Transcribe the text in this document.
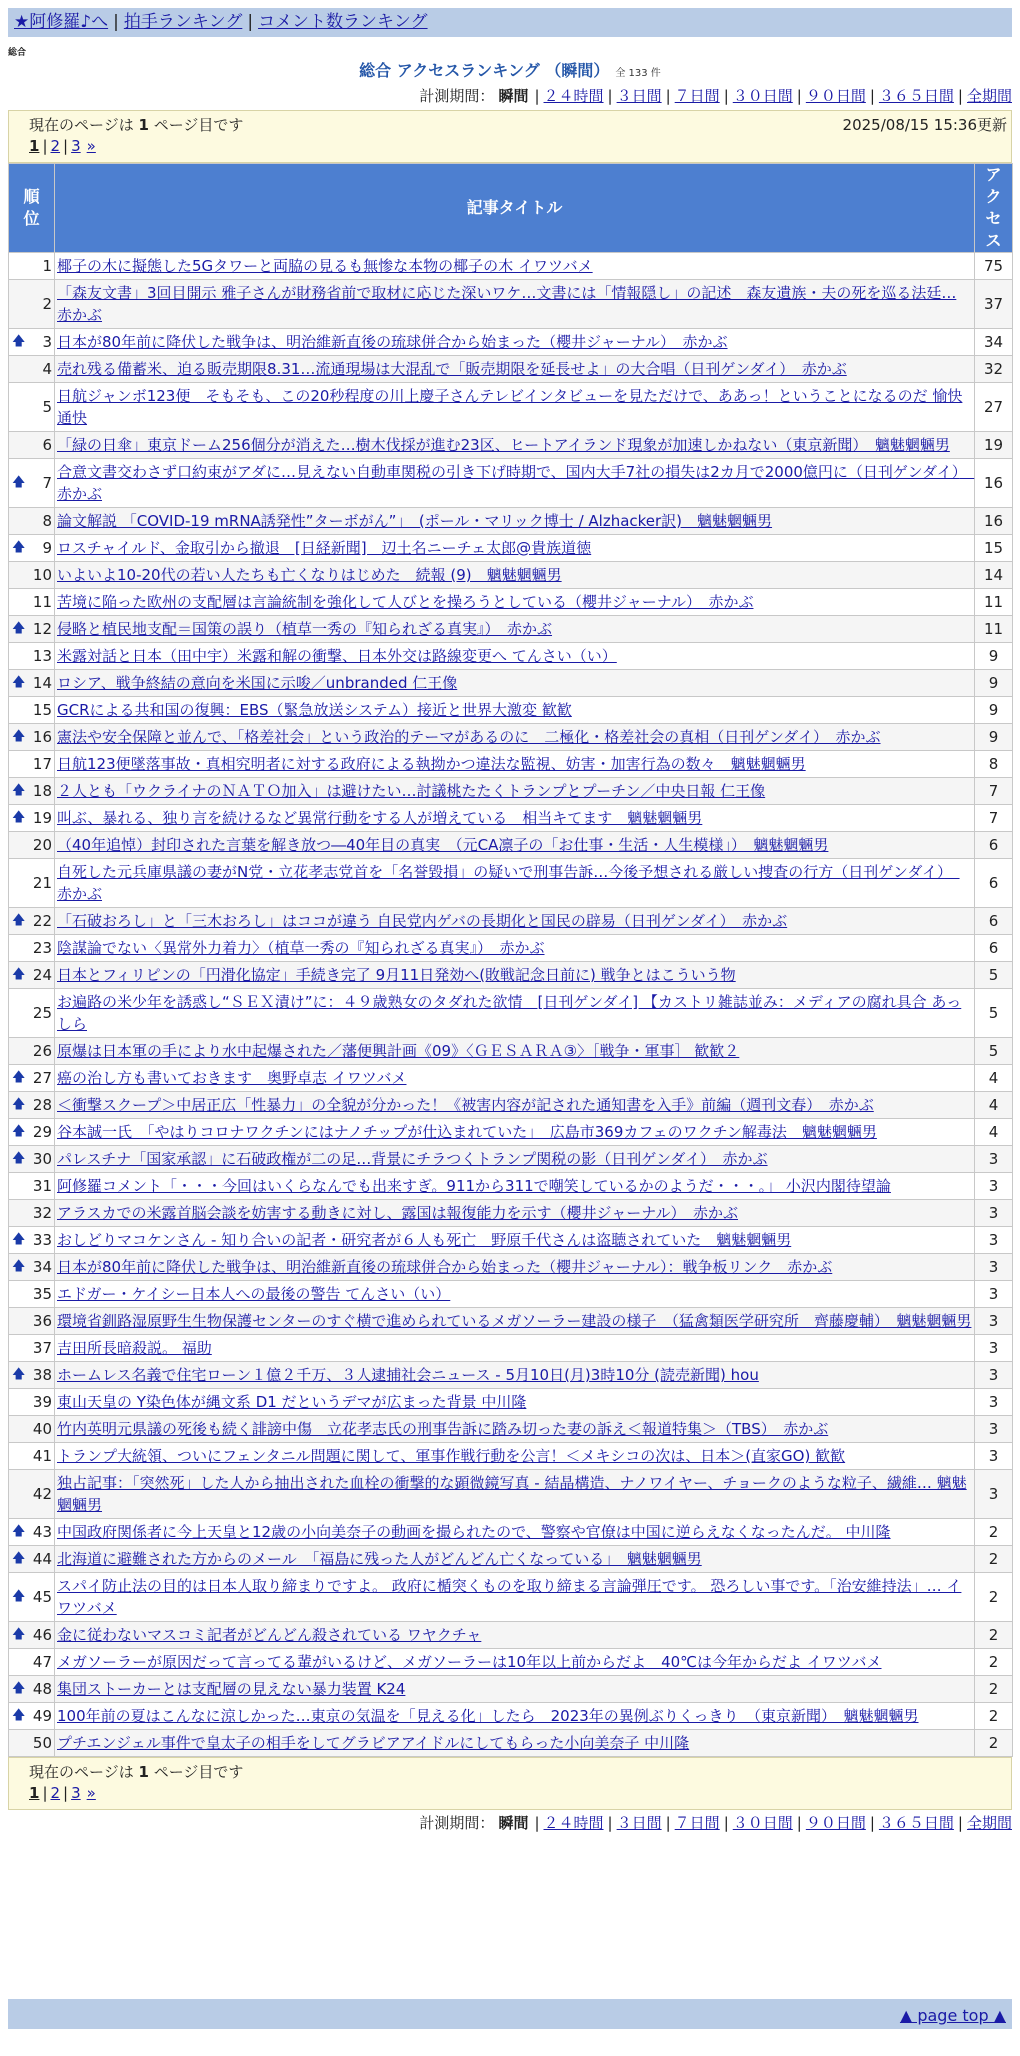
★阿修羅♪へ | 拍手ランキング | コメント数ランキング
総合
総合 アクセスランキング （瞬間） 全 133 件
計測期間： 瞬間 | ２４時間 | ３日間 | ７日間 | ３０日間 | ９０日間 | ３６５日間 | 全期間
現在のページは 1 ページ目です	2025/08/15 15:36更新
1 | 2 | 3 »
順位	記事タイトル	アクセス
1	椰子の木に擬態した5Gタワーと両脇の見るも無惨な本物の椰子の木 イワツバメ	75
2	「森友文書」3回目開示 雅子さんが財務省前で取材に応じた深いワケ…文書には「情報隠し」の記述　森友遺族・夫の死を巡る法廷… 赤かぶ	37

🡅 3	日本が80年前に降伏した戦争は、明治維新直後の琉球併合から始まった（櫻井ジャーナル）　赤かぶ	34
4	売れ残る備蓄米、迫る販売期限8.31…流通現場は大混乱で「販売期限を延長せよ」の大合唱（日刊ゲンダイ）　赤かぶ	32
5	日航ジャンボ123便　そもそも、この20秒程度の川上慶子さんテレビインタビューを見ただけで、ああっ！ということになるのだ 愉快通快	27
6	「緑の日傘」東京ドーム256個分が消えた…樹木伐採が進む23区、ヒートアイランド現象が加速しかねない（東京新聞）　魑魅魍魎男	19

🡅 7	合意文書交わさず口約束がアダに…見えない自動車関税の引き下げ時期で、国内大手7社の損失は2カ月で2000億円に（日刊ゲンダイ）　赤かぶ	16
8	論文解説 「COVID-19 mRNA誘発性”ターボがん”」　(ポール・マリック博士 / Alzhacker訳)　魑魅魍魎男	16

🡅 9	ロスチャイルド、金取引から撤退　[日経新聞]　辺土名ニーチェ太郎@貴族道徳	15
10	いよいよ10-20代の若い人たちも亡くなりはじめた　続報 (9)　魑魅魍魎男	14
11	苦境に陥った欧州の支配層は言論統制を強化して人びとを操ろうとしている（櫻井ジャーナル）　赤かぶ	11

🡅 12	侵略と植民地支配＝国策の誤り（植草一秀の『知られざる真実』）　赤かぶ	11
13	米露対話と日本（田中宇）米露和解の衝撃、日本外交は路線変更へ てんさい（い）	9

🡅 14	ロシア、戦争終結の意向を米国に示唆／unbranded 仁王像	9
15	GCRによる共和国の復興：EBS（緊急放送システム）接近と世界大激変 歓歓	9

🡅 16	憲法や安全保障と並んで、「格差社会」という政治的テーマがあるのに　二極化・格差社会の真相（日刊ゲンダイ）　赤かぶ	9
17	日航123便墜落事故・真相究明者に対する政府による執拗かつ違法な監視、妨害・加害行為の数々　魑魅魍魎男	8

🡅 18	２人とも「ウクライナのＮＡＴＯ加入」は避けたい…討議桃たたくトランプとプーチン／中央日報 仁王像	7

🡅 19	叫ぶ、暴れる、独り言を続けるなど異常行動をする人が増えている　相当キてます　魑魅魍魎男	7
20	（40年追悼）封印された言葉を解き放つ―40年目の真実　（元CA凛子の「お仕事・生活・人生模様」）　魑魅魍魎男	6
21	自死した元兵庫県議の妻がN党・立花孝志党首を「名誉毀損」の疑いで刑事告訴…今後予想される厳しい捜査の行方（日刊ゲンダイ）　赤かぶ	6

🡅 22	「石破おろし」と「三木おろし」はココが違う 自民党内ゲバの長期化と国民の辟易（日刊ゲンダイ）　赤かぶ	6
23	陰謀論でない〈異常外力着力〉（植草一秀の『知られざる真実』）　赤かぶ	6

🡅 24	日本とフィリピンの「円滑化協定」手続き完了 9月11日発効へ(敗戦記念日前に) 戦争とはこういう物	5
25	お遍路の米少年を誘惑し“ＳＥＸ漬け”に：４９歳熟女のタダれた欲情　[日刊ゲンダイ] 【カストリ雑誌並み：メディアの腐れ具合 あっしら	5
26	原爆は日本軍の手により水中起爆された／藩便興計画《09》〈ＧＥＳＡＲＡ③〉［戦争・軍事］ 歓歓２	5

🡅 27	癌の治し方も書いておきます　奥野卓志 イワツバメ	4

🡅 28	＜衝撃スクープ＞中居正広「性暴力」の全貌が分かった！《被害内容が記された通知書を入手》前編（週刊文春）　赤かぶ	4

🡅 29	谷本誠一氏　「やはりコロナワクチンにはナノチップが仕込まれていた」　広島市369カフェのワクチン解毒法　魑魅魍魎男	4

🡅 30	パレスチナ「国家承認」に石破政権が二の足…背景にチラつくトランプ関税の影（日刊ゲンダイ）　赤かぶ	3
31	阿修羅コメント「・・・今回はいくらなんでも出来すぎ。911から311で嘲笑しているかのようだ・・・。」 小沢内閣待望論	3
32	アラスカでの米露首脳会談を妨害する動きに対し、露国は報復能力を示す（櫻井ジャーナル）　赤かぶ	3

🡅 33	おしどりマコケンさん - 知り合いの記者・研究者が６人も死亡　野原千代さんは盗聴されていた　魑魅魍魎男	3

🡅 34	日本が80年前に降伏した戦争は、明治維新直後の琉球併合から始まった（櫻井ジャーナル）：戦争板リンク　赤かぶ	3
35	エドガー・ケイシー日本人への最後の警告 てんさい（い）	3
36	環境省釧路湿原野生生物保護センターのすぐ横で進められているメガソーラー建設の様子　（猛禽類医学研究所　齊藤慶輔）　魑魅魍魎男	3
37	吉田所長暗殺説。 福助	3

🡅 38	ホームレス名義で住宅ローン１億２千万、３人逮捕社会ニュース - 5月10日(月)3時10分 (読売新聞) hou	3
39	東山天皇の Y染色体が縄文系 D1 だというデマが広まった背景 中川隆	3
40	竹内英明元県議の死後も続く誹謗中傷　立花孝志氏の刑事告訴に踏み切った妻の訴え＜報道特集＞（TBS）　赤かぶ	3
41	トランプ大統領、ついにフェンタニル問題に関して、軍事作戦行動を公言！＜メキシコの次は、日本＞(直家GO) 歓歓	3
42	独占記事：「突然死」した人から抽出された血栓の衝撃的な顕微鏡写真 - 結晶構造、ナノワイヤー、チョークのような粒子、繊維… 魑魅魍魎男	3

🡅 43	中国政府関係者に今上天皇と12歳の小向美奈子の動画を撮られたので、警察や官僚は中国に逆らえなくなったんだ。 中川隆	2

🡅 44	北海道に避難された方からのメール　「福島に残った人がどんどん亡くなっている」　魑魅魍魎男	2

🡅 45	スパイ防止法の目的は日本人取り締まりですよ。 政府に楯突くものを取り締まる言論弾圧です。 恐ろしい事です。「治安維持法」… イワツバメ	2

🡅 46	金に従わないマスコミ記者がどんどん殺されている ワヤクチャ	2
47	メガソーラーが原因だって言ってる輩がいるけど、メガソーラーは10年以上前からだよ　40℃は今年からだよ イワツバメ	2

🡅 48	集団ストーカーとは支配層の見えない暴力装置 K24	2

🡅 49	100年前の夏はこんなに涼しかった…東京の気温を「見える化」したら　2023年の異例ぶりくっきり　（東京新聞）　魑魅魍魎男	2
50	プチエンジェル事件で皇太子の相手をしてグラビアアイドルにしてもらった小向美奈子 中川隆	2
現在のページは 1 ページ目です
1 | 2 | 3 »
計測期間： 瞬間 | ２４時間 | ３日間 | ７日間 | ３０日間 | ９０日間 | ３６５日間 | 全期間
▲ page top ▲
